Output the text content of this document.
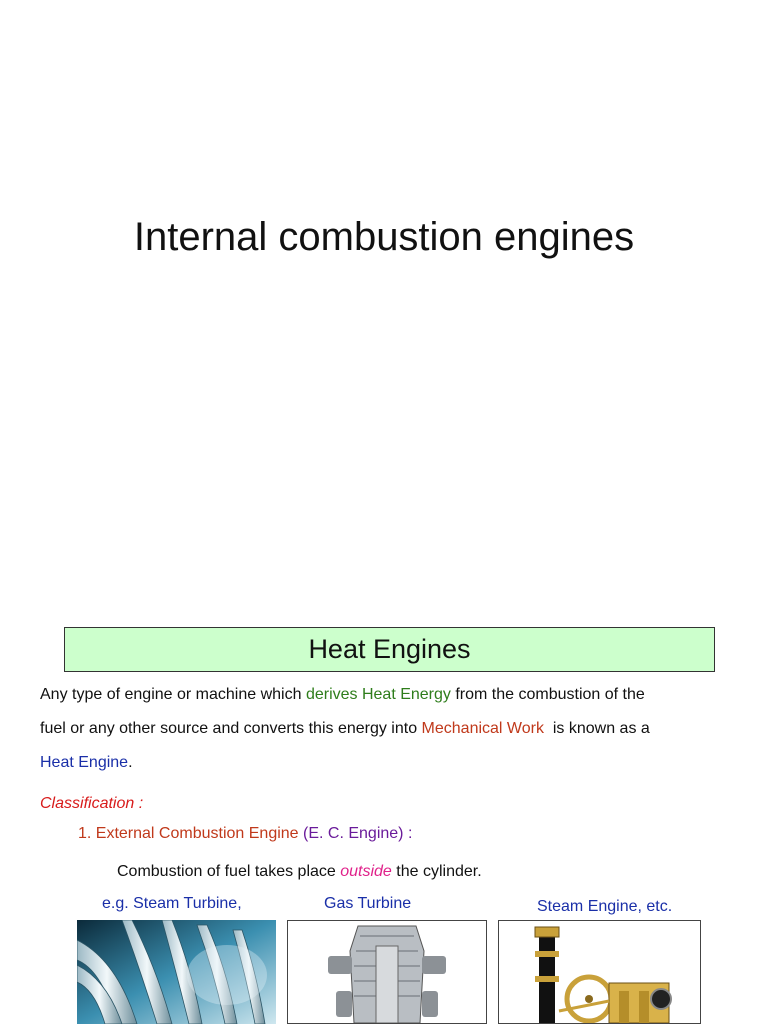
Internal combustion engines
Heat Engines
Any type of engine or machine which derives Heat Energy from the combustion of the
fuel or any other source and converts this energy into Mechanical Work  is known as a
Heat Engine.
Classification :
1. External Combustion Engine (E. C. Engine) :
Combustion of fuel takes place outside the cylinder.
e.g. Steam Turbine,	Gas Turbine	Steam Engine, etc.
